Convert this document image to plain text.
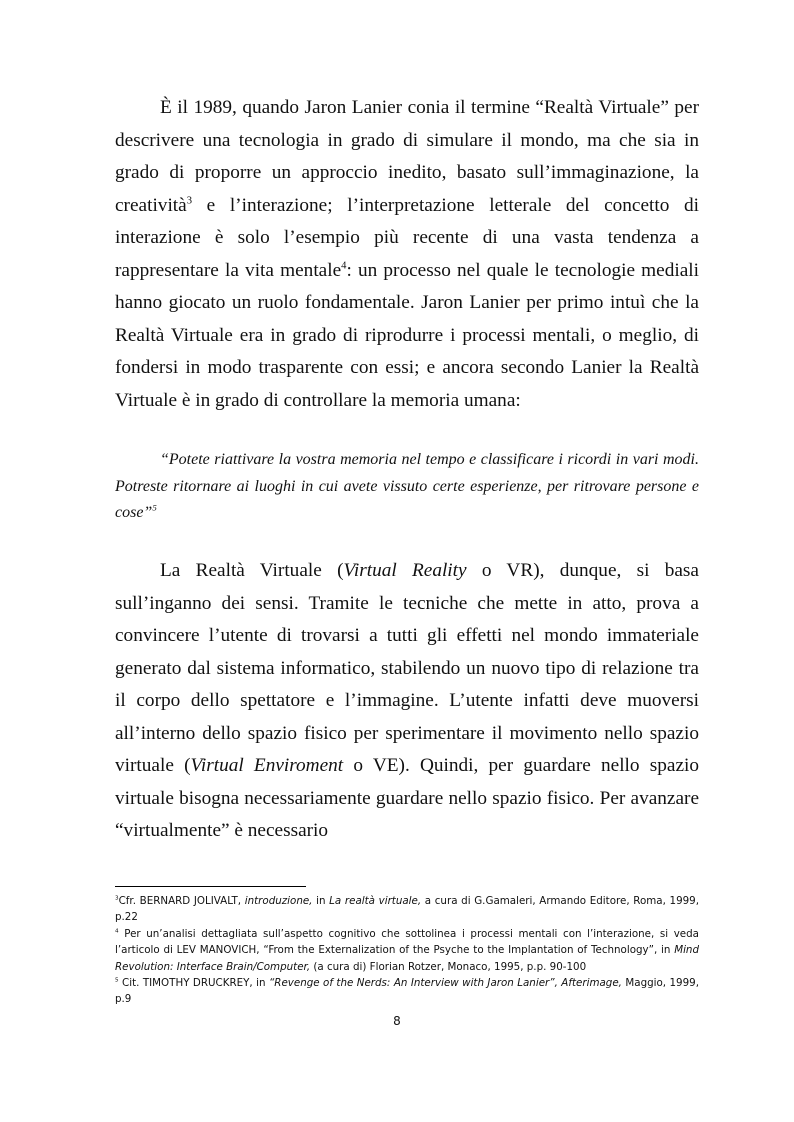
È il 1989, quando Jaron Lanier conia il termine “Realtà Virtuale” per descrivere una tecnologia in grado di simulare il mondo, ma che sia in grado di proporre un approccio inedito, basato sull’immaginazione, la creatività$^3$ e l’interazione; l’interpretazione letterale del concetto di interazione è solo l’esempio più recente di una vasta tendenza a rappresentare la vita mentale$^4$: un processo nel quale le tecnologie mediali hanno giocato un ruolo fondamentale. Jaron Lanier per primo intuì che la Realtà Virtuale era in grado di riprodurre i processi mentali, o meglio, di fondersi in modo trasparente con essi; e ancora secondo Lanier la Realtà Virtuale è in grado di controllare la memoria umana:

“Potete riattivare la vostra memoria nel tempo e classificare i ricordi in vari modi. Potreste ritornare ai luoghi in cui avete vissuto certe esperienze, per ritrovare persone e cose”$^5$

La Realtà Virtuale (Virtual Reality o VR), dunque, si basa sull’inganno dei sensi. Tramite le tecniche che mette in atto, prova a convincere l’utente di trovarsi a tutti gli effetti nel mondo immateriale generato dal sistema informatico, stabilendo un nuovo tipo di relazione tra il corpo dello spettatore e l’immagine. L’utente infatti deve muoversi all’interno dello spazio fisico per sperimentare il movimento nello spazio virtuale (Virtual Enviroment o VE). Quindi, per guardare nello spazio virtuale bisogna necessariamente guardare nello spazio fisico. Per avanzare “virtualmente” è necessario

$^3$Cfr. BERNARD JOLIVALT, introduzione, in La realtà virtuale, a cura di G.Gamaleri, Armando Editore, Roma, 1999, p.22

$^4$ Per un’analisi dettagliata sull’aspetto cognitivo che sottolinea i processi mentali con l’interazione, si veda l’articolo di LEV MANOVICH, “From the Externalization of the Psyche to the Implantation of Technology”, in Mind Revolution: Interface Brain/Computer, (a cura di) Florian Rotzer, Monaco, 1995, p.p. 90-100

$^5$ Cit. TIMOTHY DRUCKREY, in “Revenge of the Nerds: An Interview with Jaron Lanier”, Afterimage, Maggio, 1999, p.9

8
